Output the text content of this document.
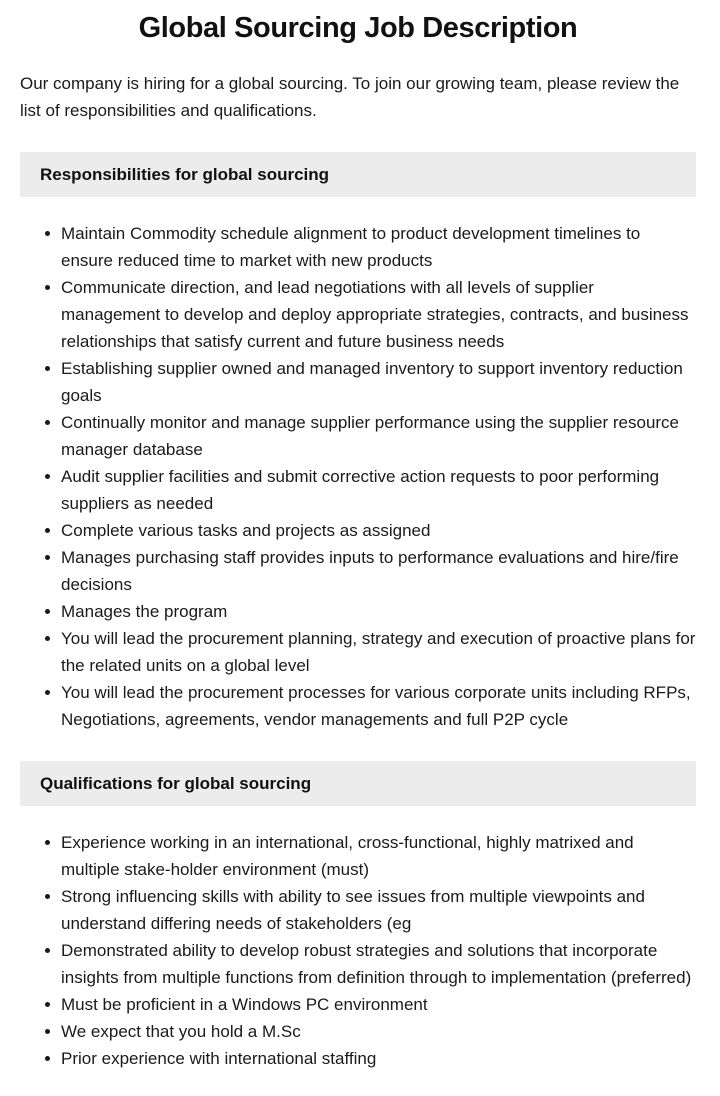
Global Sourcing Job Description

Our company is hiring for a global sourcing. To join our growing team, please review the list of responsibilities and qualifications.

Responsibilities for global sourcing
Maintain Commodity schedule alignment to product development timelines to ensure reduced time to market with new products
Communicate direction, and lead negotiations with all levels of supplier management to develop and deploy appropriate strategies, contracts, and business relationships that satisfy current and future business needs
Establishing supplier owned and managed inventory to support inventory reduction goals
Continually monitor and manage supplier performance using the supplier resource manager database
Audit supplier facilities and submit corrective action requests to poor performing suppliers as needed
Complete various tasks and projects as assigned
Manages purchasing staff provides inputs to performance evaluations and hire/fire decisions
Manages the program
You will lead the procurement planning, strategy and execution of proactive plans for the related units on a global level
You will lead the procurement processes for various corporate units including RFPs, Negotiations, agreements, vendor managements and full P2P cycle
Qualifications for global sourcing
Experience working in an international, cross-functional, highly matrixed and multiple stake-holder environment (must)
Strong influencing skills with ability to see issues from multiple viewpoints and understand differing needs of stakeholders (eg
Demonstrated ability to develop robust strategies and solutions that incorporate insights from multiple functions from definition through to implementation (preferred)
Must be proficient in a Windows PC environment
We expect that you hold a M.Sc
Prior experience with international staffing
